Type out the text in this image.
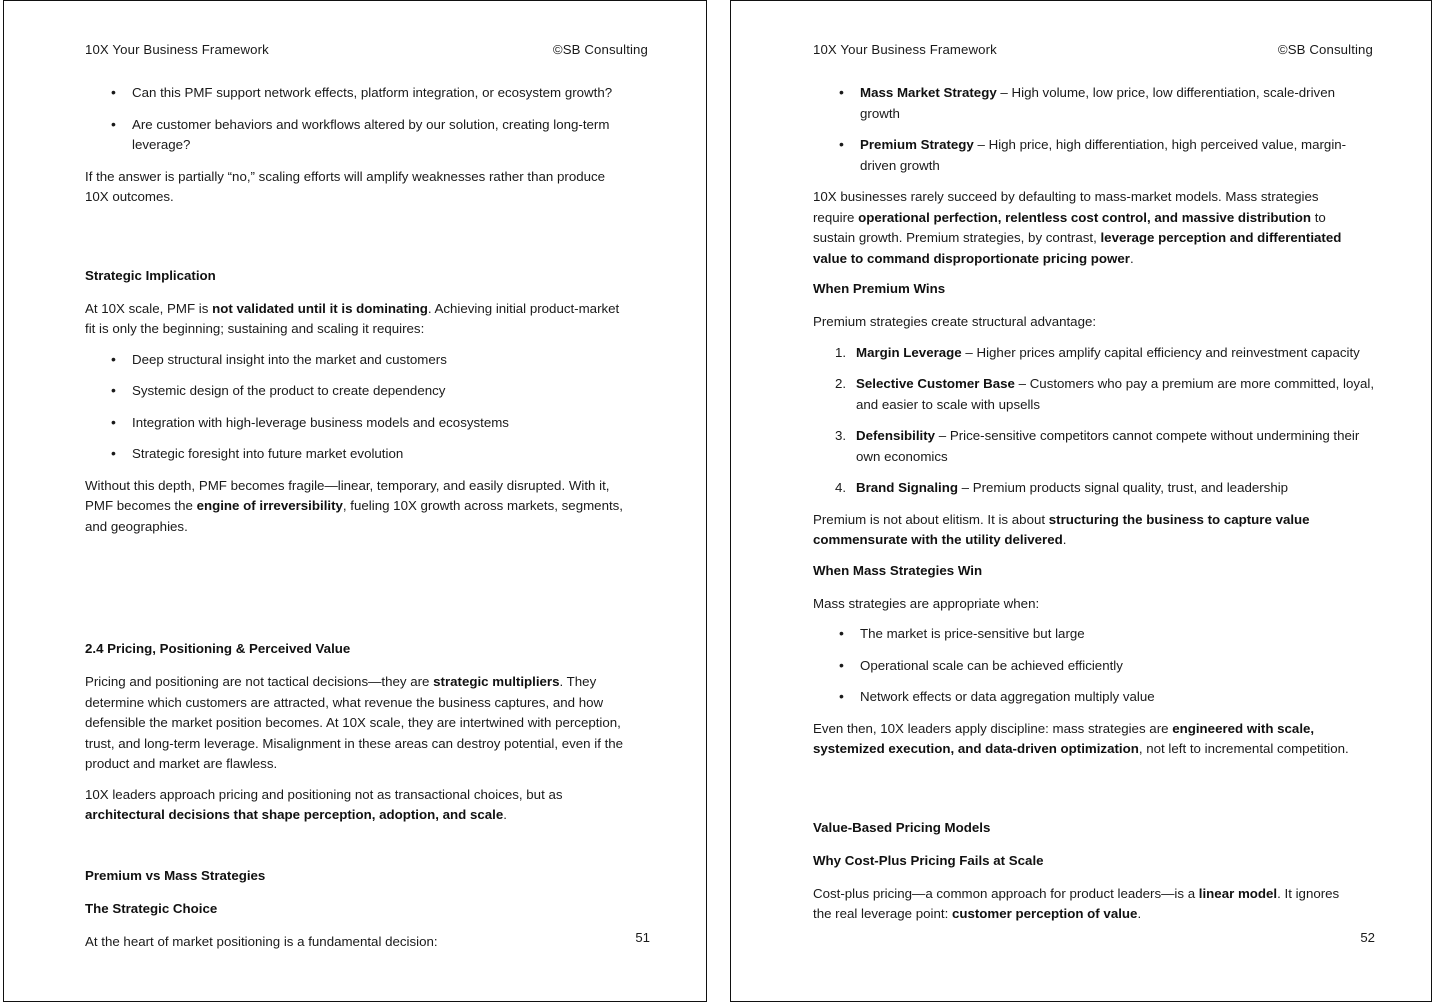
10X Your Business Framework	©SB Consulting
• Can this PMF support network effects, platform integration, or ecosystem growth?
• Are customer behaviors and workflows altered by our solution, creating long-term leverage?

If the answer is partially “no,” scaling efforts will amplify weaknesses rather than produce 10X outcomes.

Strategic Implication

At 10X scale, PMF is not validated until it is dominating. Achieving initial product-market fit is only the beginning; sustaining and scaling it requires:

• Deep structural insight into the market and customers
• Systemic design of the product to create dependency
• Integration with high-leverage business models and ecosystems
• Strategic foresight into future market evolution

Without this depth, PMF becomes fragile—linear, temporary, and easily disrupted. With it, PMF becomes the engine of irreversibility, fueling 10X growth across markets, segments, and geographies.

2.4 Pricing, Positioning & Perceived Value

Pricing and positioning are not tactical decisions—they are strategic multipliers. They determine which customers are attracted, what revenue the business captures, and how defensible the market position becomes. At 10X scale, they are intertwined with perception, trust, and long-term leverage. Misalignment in these areas can destroy potential, even if the product and market are flawless.

10X leaders approach pricing and positioning not as transactional choices, but as architectural decisions that shape perception, adoption, and scale.

Premium vs Mass Strategies
The Strategic Choice

At the heart of market positioning is a fundamental decision:	51
10X Your Business Framework	©SB Consulting
• Mass Market Strategy – High volume, low price, low differentiation, scale-driven growth
• Premium Strategy – High price, high differentiation, high perceived value, margin-driven growth

10X businesses rarely succeed by defaulting to mass-market models. Mass strategies require operational perfection, relentless cost control, and massive distribution to sustain growth. Premium strategies, by contrast, leverage perception and differentiated value to command disproportionate pricing power.

When Premium Wins

Premium strategies create structural advantage:

Margin Leverage – Higher prices amplify capital efficiency and reinvestment capacity
Selective Customer Base – Customers who pay a premium are more committed, loyal, and easier to scale with upsells
Defensibility – Price-sensitive competitors cannot compete without undermining their own economics
Brand Signaling – Premium products signal quality, trust, and leadership

Premium is not about elitism. It is about structuring the business to capture value commensurate with the utility delivered.

When Mass Strategies Win

Mass strategies are appropriate when:

• The market is price-sensitive but large
• Operational scale can be achieved efficiently
• Network effects or data aggregation multiply value

Even then, 10X leaders apply discipline: mass strategies are engineered with scale, systemized execution, and data-driven optimization, not left to incremental competition.

Value-Based Pricing Models
Why Cost-Plus Pricing Fails at Scale

Cost-plus pricing—a common approach for product leaders—is a linear model. It ignores the real leverage point: customer perception of value.

52
